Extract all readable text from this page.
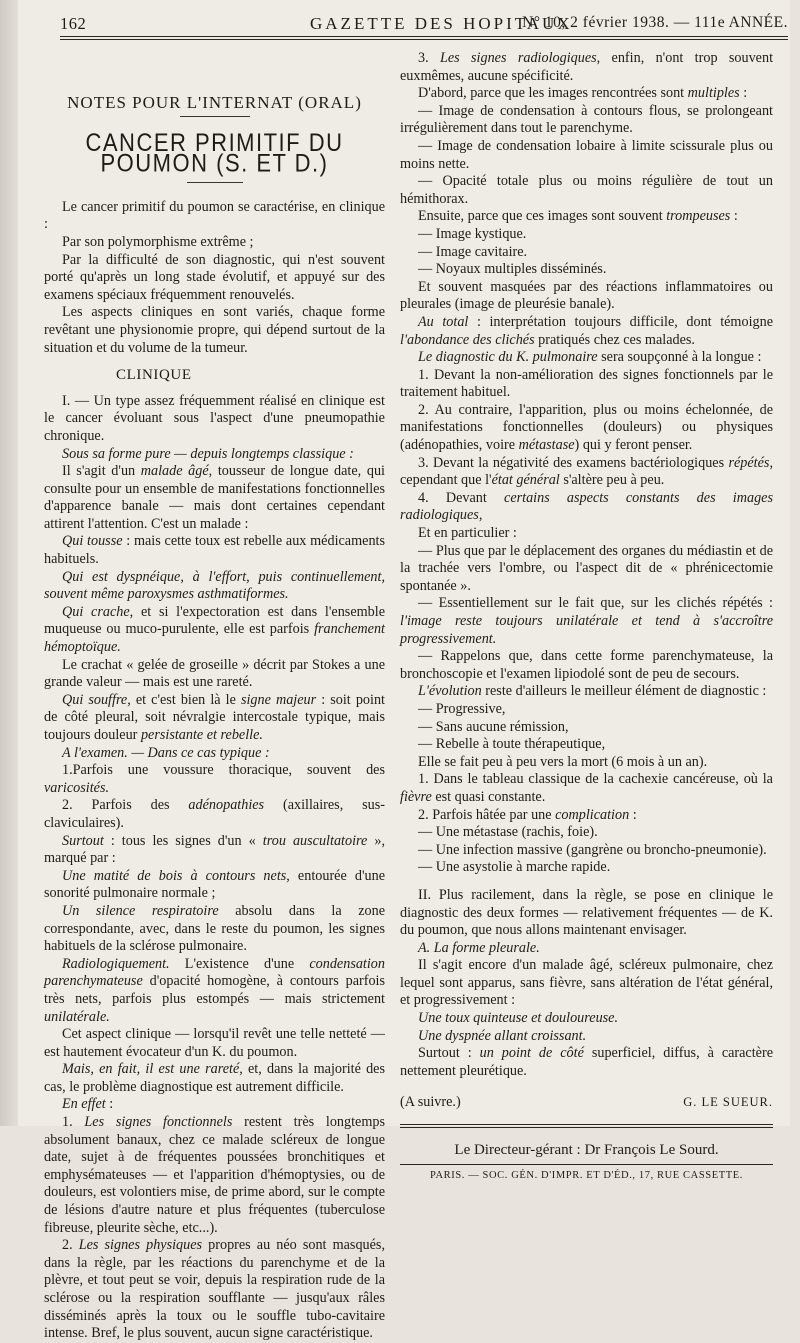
162	GAZETTE DES HOPITAUX
N° 10, 2 février 1938. — 111e ANNÉE.
NOTES POUR L'INTERNAT (ORAL)
CANCER PRIMITIF DU POUMON (S. ET D.)

Le cancer primitif du poumon se caractérise, en clinique :

Par son polymorphisme extrême ;

Par la difficulté de son diagnostic, qui n'est souvent porté qu'après un long stade évolutif, et appuyé sur des examens spéciaux fréquemment renouvelés.

Les aspects cliniques en sont variés, chaque forme revêtant une physionomie propre, qui dépend surtout de la situation et du volume de la tumeur.

CLINIQUE

I. — Un type assez fréquemment réalisé en clinique est le cancer évoluant sous l'aspect d'une pneumopathie chronique.

Sous sa forme pure — depuis longtemps classique :

Il s'agit d'un malade âgé, tousseur de longue date, qui consulte pour un ensemble de manifestations fonctionnelles d'apparence banale — mais dont certaines cependant attirent l'attention. C'est un malade :

Qui tousse : mais cette toux est rebelle aux médicaments habituels.

Qui est dyspnéique, à l'effort, puis continuellement, souvent même paroxysmes asthmatiformes.

Qui crache, et si l'expectoration est dans l'ensemble muqueuse ou muco-purulente, elle est parfois franchement hémoptoïque.

Le crachat « gelée de groseille » décrit par Stokes a une grande valeur — mais est une rareté.

Qui souffre, et c'est bien là le signe majeur : soit point de côté pleural, soit névralgie intercostale typique, mais toujours douleur persistante et rebelle.

A l'examen. — Dans ce cas typique :

1.Parfois une voussure thoracique, souvent des varicosités.

2. Parfois des adénopathies (axillaires, sus-claviculaires).

Surtout : tous les signes d'un « trou auscultatoire », marqué par :

Une matité de bois à contours nets, entourée d'une sonorité pulmonaire normale ;

Un silence respiratoire absolu dans la zone correspondante, avec, dans le reste du poumon, les signes habituels de la sclérose pulmonaire.

Radiologiquement. L'existence d'une condensation parenchymateuse d'opacité homogène, à contours parfois très nets, parfois plus estompés — mais strictement unilatérale.

Cet aspect clinique — lorsqu'il revêt une telle netteté — est hautement évocateur d'un K. du poumon.

Mais, en fait, il est une rareté, et, dans la majorité des cas, le problème diagnostique est autrement difficile.

En effet :

1. Les signes fonctionnels restent très longtemps absolument banaux, chez ce malade scléreux de longue date, sujet à de fréquentes poussées bronchitiques et emphysémateuses — et l'apparition d'hémoptysies, ou de douleurs, est volontiers mise, de prime abord, sur le compte de lésions d'autre nature et plus fréquentes (tuberculose fibreuse, pleurite sèche, etc...).

2. Les signes physiques propres au néo sont masqués, dans la règle, par les réactions du parenchyme et de la plèvre, et tout peut se voir, depuis la respiration rude de la sclérose ou la respiration soufflante — jusqu'aux râles disséminés après la toux ou le souffle tubo-cavitaire intense. Bref, le plus souvent, aucun signe caractéristique.

3. Les signes radiologiques, enfin, n'ont trop souvent euxmêmes, aucune spécificité.

D'abord, parce que les images rencontrées sont multiples :

— Image de condensation à contours flous, se prolongeant irrégulièrement dans tout le parenchyme.

— Image de condensation lobaire à limite scissurale plus ou moins nette.

— Opacité totale plus ou moins régulière de tout un hémithorax.

Ensuite, parce que ces images sont souvent trompeuses :

— Image kystique.

— Image cavitaire.

— Noyaux multiples disséminés.

Et souvent masquées par des réactions inflammatoires ou pleurales (image de pleurésie banale).

Au total : interprétation toujours difficile, dont témoigne l'abondance des clichés pratiqués chez ces malades.

Le diagnostic du K. pulmonaire sera soupçonné à la longue :

1. Devant la non-amélioration des signes fonctionnels par le traitement habituel.

2. Au contraire, l'apparition, plus ou moins échelonnée, de manifestations fonctionnelles (douleurs) ou physiques (adénopathies, voire métastase) qui y feront penser.

3. Devant la négativité des examens bactériologiques répétés, cependant que l'état général s'altère peu à peu.

4. Devant certains aspects constants des images radiologiques,

Et en particulier :

— Plus que par le déplacement des organes du médiastin et de la trachée vers l'ombre, ou l'aspect dit de « phrénicectomie spontanée ».

— Essentiellement sur le fait que, sur les clichés répétés : l'image reste toujours unilatérale et tend à s'accroître progressivement.

— Rappelons que, dans cette forme parenchymateuse, la bronchoscopie et l'examen lipiodolé sont de peu de secours.

L'évolution reste d'ailleurs le meilleur élément de diagnostic :

— Progressive,

— Sans aucune rémission,

— Rebelle à toute thérapeutique,

Elle se fait peu à peu vers la mort (6 mois à un an).

1. Dans le tableau classique de la cachexie cancéreuse, où la fièvre est quasi constante.

2. Parfois hâtée par une complication :

— Une métastase (rachis, foie).

— Une infection massive (gangrène ou broncho-pneumonie).

— Une asystolie à marche rapide.

II. Plus racilement, dans la règle, se pose en clinique le diagnostic des deux formes — relativement fréquentes — de K. du poumon, que nous allons maintenant envisager.

A. La forme pleurale.

Il s'agit encore d'un malade âgé, scléreux pulmonaire, chez lequel sont apparus, sans fièvre, sans altération de l'état général, et progressivement :

Une toux quinteuse et douloureuse.

Une dyspnée allant croissant.

Surtout : un point de côté superficiel, diffus, à caractère nettement pleurétique.

(A suivre.)	G. LE SUEUR.
Le Directeur-gérant : Dr François Le Sourd.
PARIS. — SOC. GÉN. D'IMPR. ET D'ÉD., 17, RUE CASSETTE.
